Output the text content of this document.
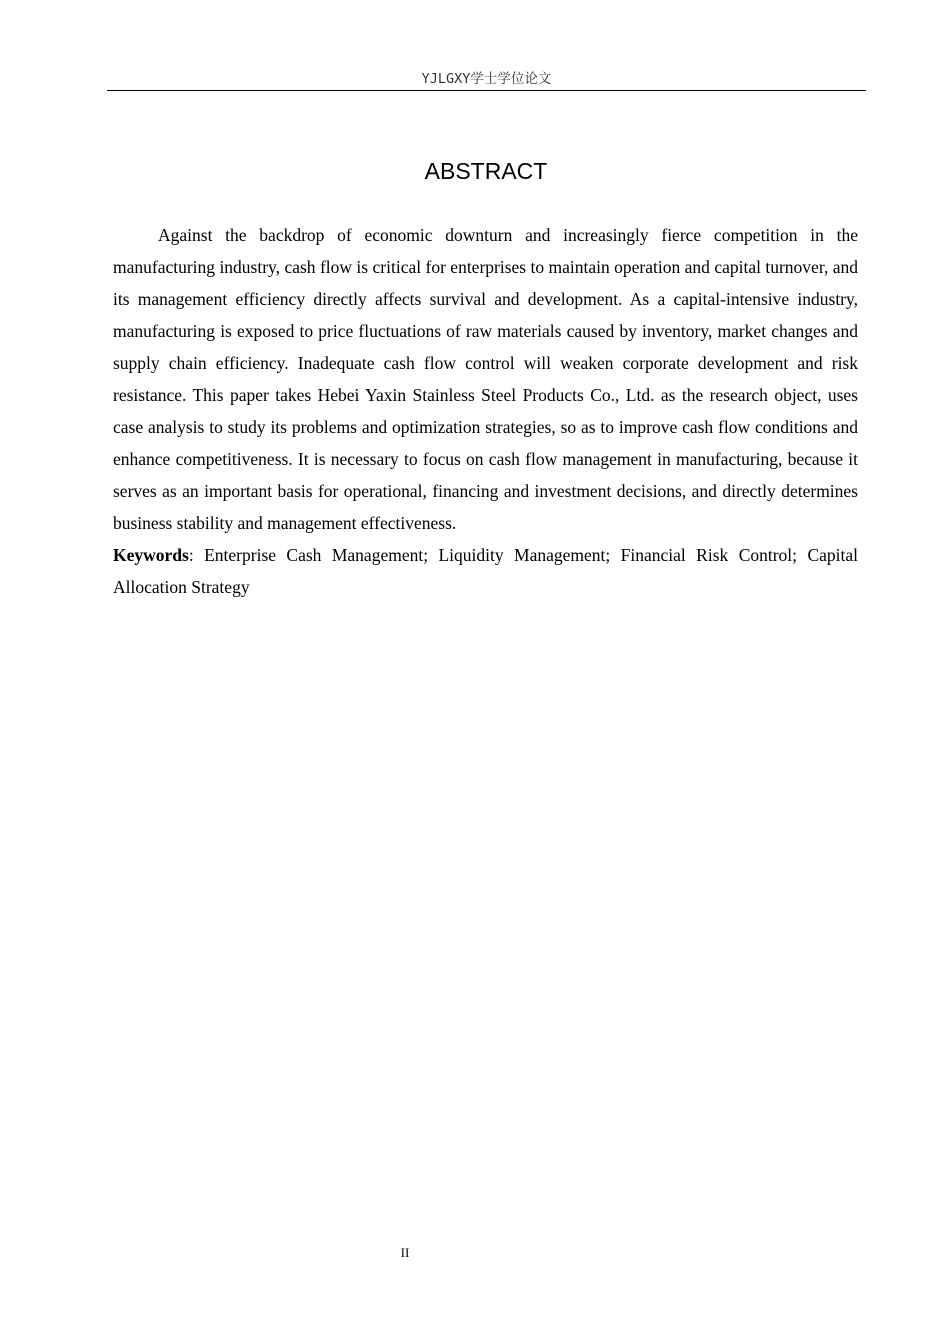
YJLGXY学士学位论文
ABSTRACT

Against the backdrop of economic downturn and increasingly fierce competition in the manufacturing industry, cash flow is critical for enterprises to maintain operation and capital turnover, and its management efficiency directly affects survival and development. As a capital-intensive industry, manufacturing is exposed to price fluctuations of raw materials caused by inventory, market changes and supply chain efficiency. Inadequate cash flow control will weaken corporate development and risk resistance. This paper takes Hebei Yaxin Stainless Steel Products Co., Ltd. as the research object, uses case analysis to study its problems and optimization strategies, so as to improve cash flow conditions and enhance competitiveness. It is necessary to focus on cash flow management in manufacturing, because it serves as an important basis for operational, financing and investment decisions, and directly determines business stability and management effectiveness.

Keywords: Enterprise Cash Management; Liquidity Management; Financial Risk Control; Capital Allocation Strategy

II
